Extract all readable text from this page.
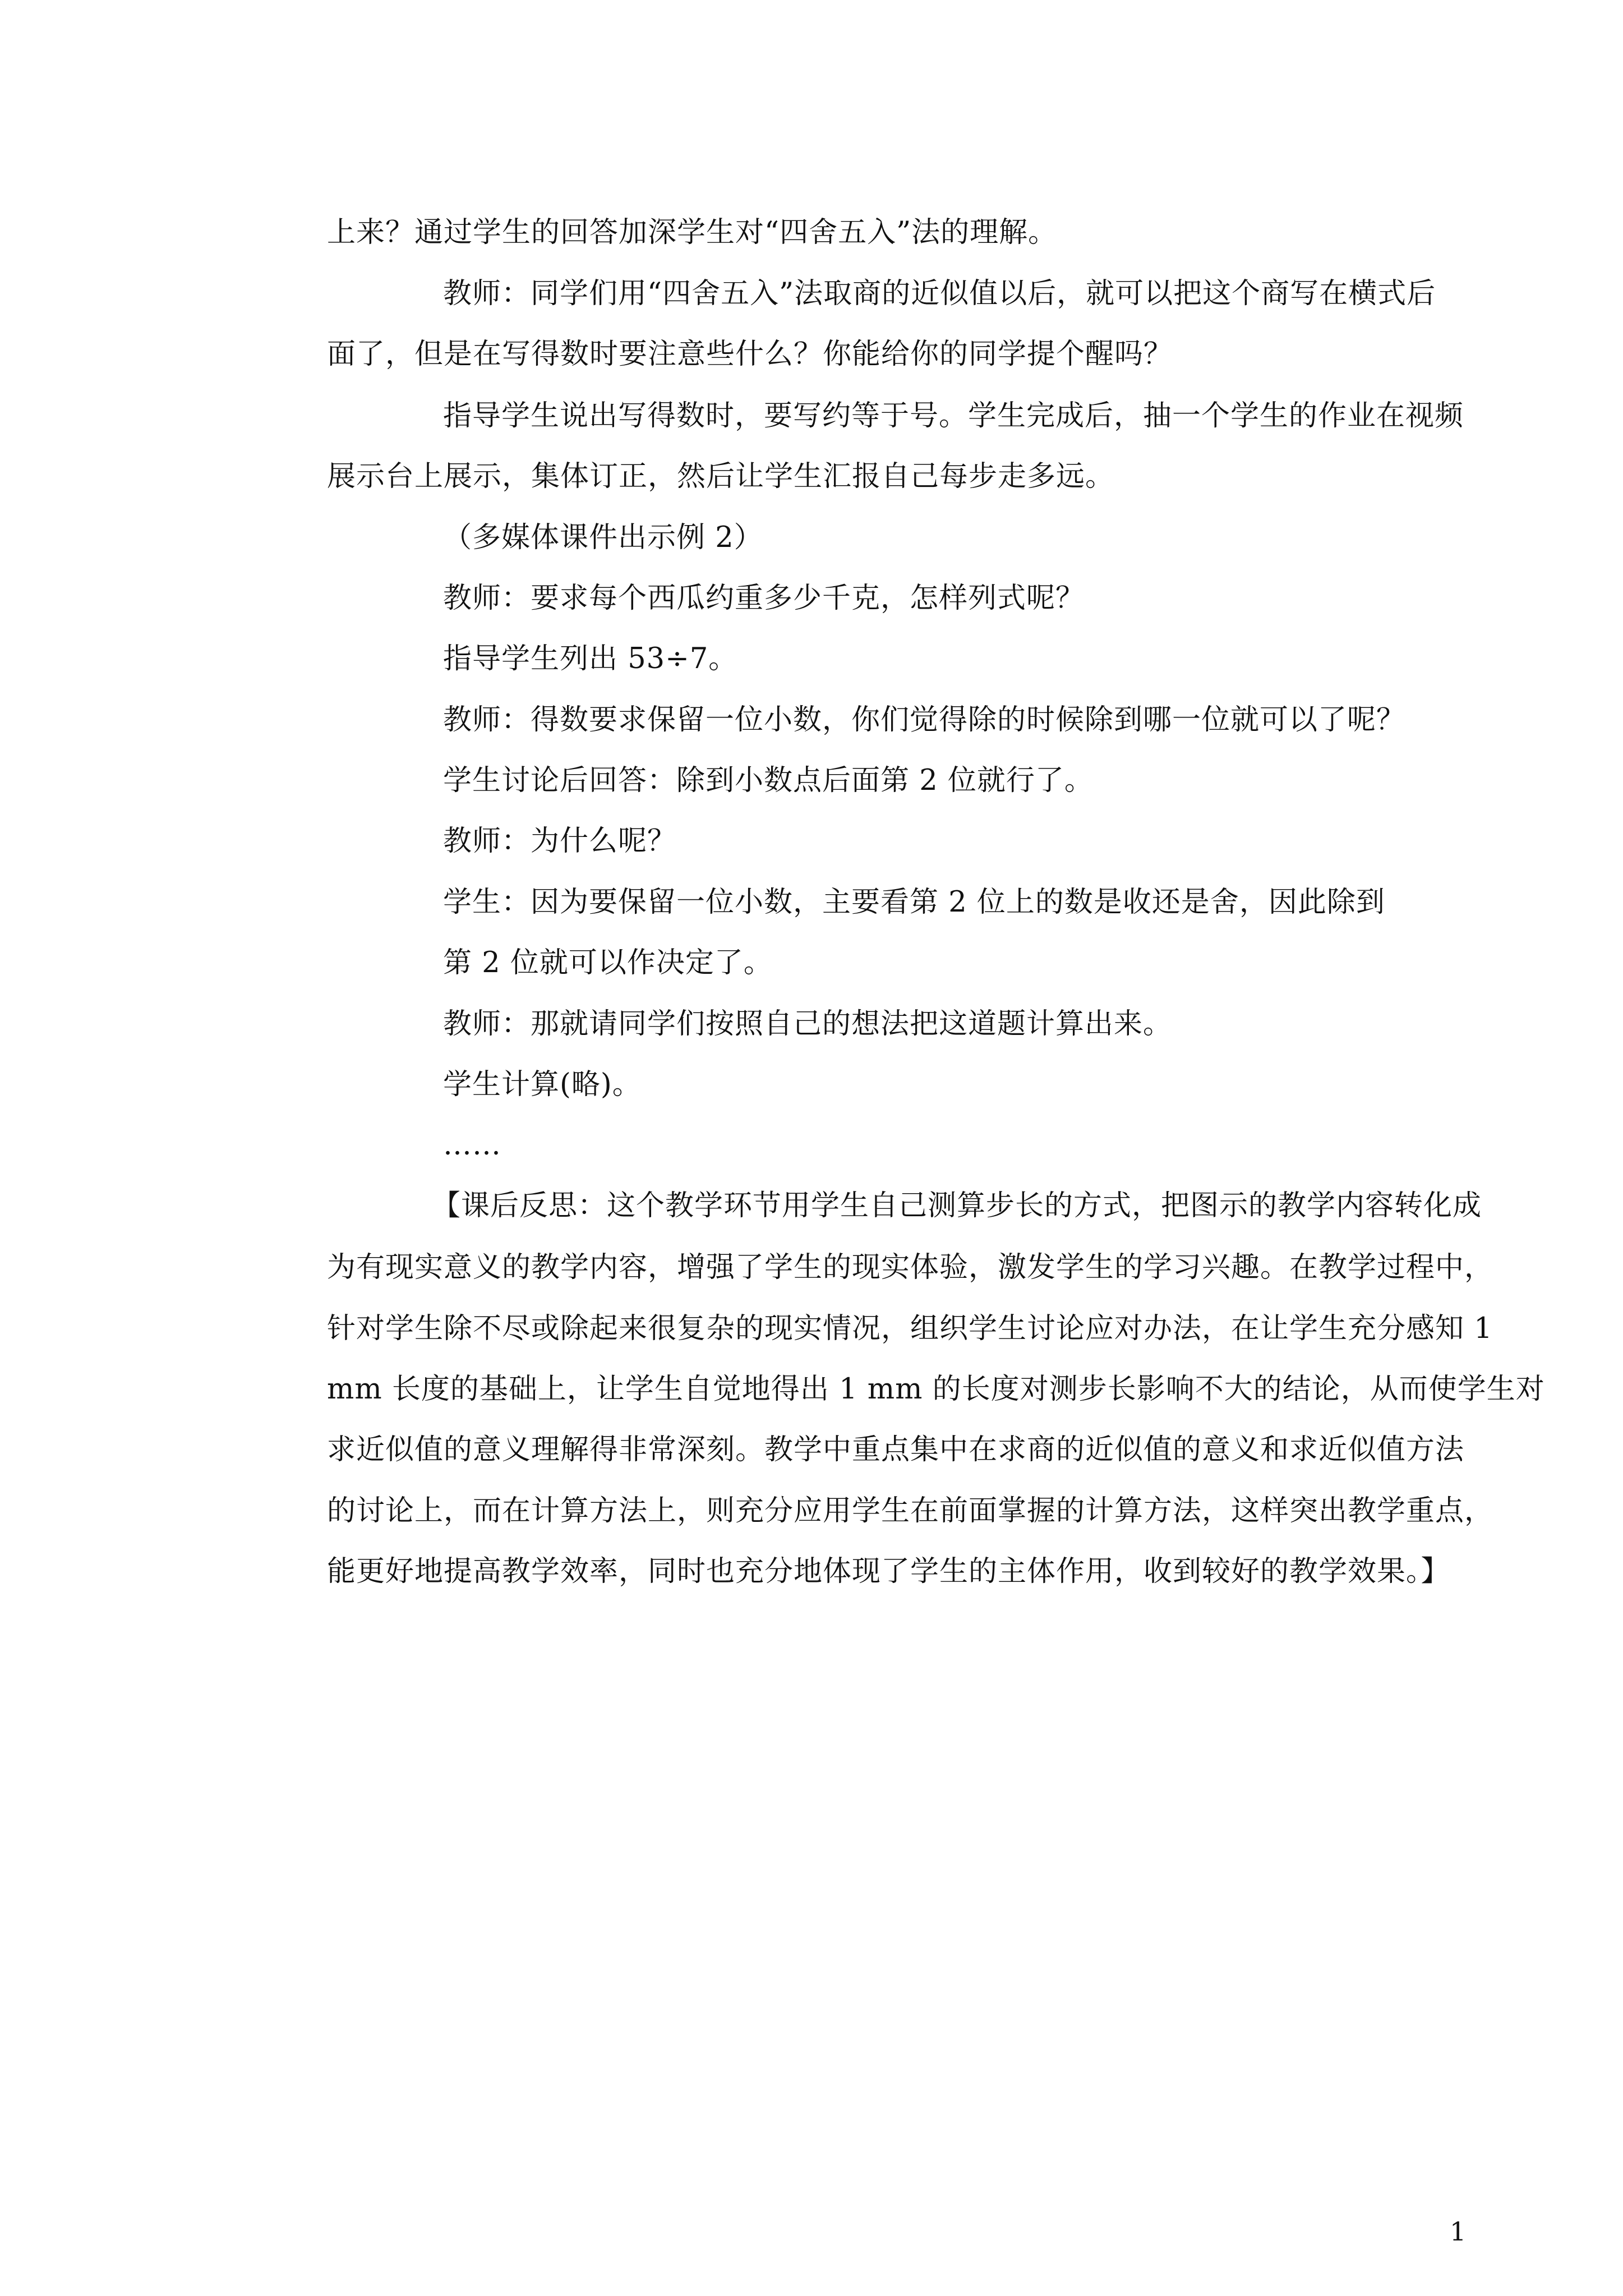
上来？通过学生的回答加深学生对“四舍五入”法的理解。
教师：同学们用“四舍五入”法取商的近似值以后，就可以把这个商写在横式后
面了，但是在写得数时要注意些什么？你能给你的同学提个醒吗？
指导学生说出写得数时，要写约等于号。学生完成后，抽一个学生的作业在视频
展示台上展示，集体订正，然后让学生汇报自己每步走多远。
（多媒体课件出示例 2）
教师：要求每个西瓜约重多少千克，怎样列式呢？
指导学生列出 53÷7。
教师：得数要求保留一位小数，你们觉得除的时候除到哪一位就可以了呢？
学生讨论后回答：除到小数点后面第 2 位就行了。
教师：为什么呢？
学生：因为要保留一位小数，主要看第 2 位上的数是收还是舍，因此除到
第 2 位就可以作决定了。
教师：那就请同学们按照自己的想法把这道题计算出来。
学生计算(略)。
……
【课后反思：这个教学环节用学生自己测算步长的方式，把图示的教学内容转化成
为有现实意义的教学内容，增强了学生的现实体验，激发学生的学习兴趣。在教学过程中，
针对学生除不尽或除起来很复杂的现实情况，组织学生讨论应对办法，在让学生充分感知 1
mm 长度的基础上，让学生自觉地得出 1 mm 的长度对测步长影响不大的结论，从而使学生对
求近似值的意义理解得非常深刻。教学中重点集中在求商的近似值的意义和求近似值方法
的讨论上，而在计算方法上，则充分应用学生在前面掌握的计算方法，这样突出教学重点，
能更好地提高教学效率，同时也充分地体现了学生的主体作用，收到较好的教学效果。】
1
